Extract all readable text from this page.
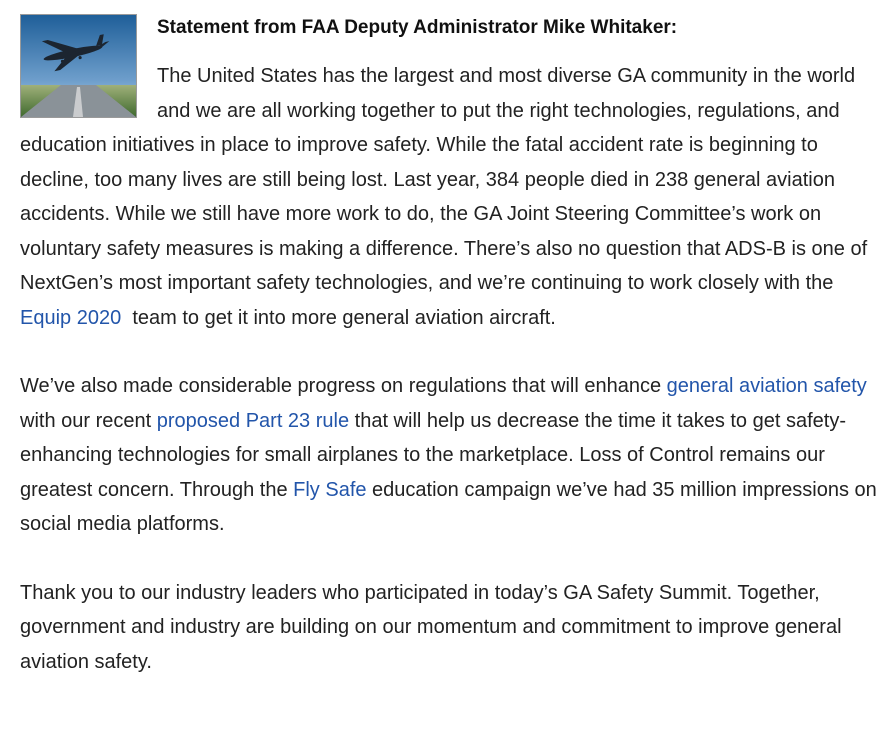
Statement from FAA Deputy Administrator Mike Whitaker:

The United States has the largest and most diverse GA community in the world and we are all working together to put the right technologies, regulations, and education initiatives in place to improve safety. While the fatal accident rate is beginning to decline, too many lives are still being lost. Last year, 384 people died in 238 general aviation accidents. While we still have more work to do, the GA Joint Steering Committee’s work on voluntary safety measures is making a difference. There’s also no question that ADS-B is one of NextGen’s most important safety technologies, and we’re continuing to work closely with the Equip 2020  team to get it into more general aviation aircraft.

We’ve also made considerable progress on regulations that will enhance general aviation safety with our recent proposed Part 23 rule that will help us decrease the time it takes to get safety-enhancing technologies for small airplanes to the marketplace. Loss of Control remains our greatest concern. Through the Fly Safe education campaign we’ve had 35 million impressions on social media platforms.

Thank you to our industry leaders who participated in today’s GA Safety Summit. Together, government and industry are building on our momentum and commitment to improve general aviation safety.
